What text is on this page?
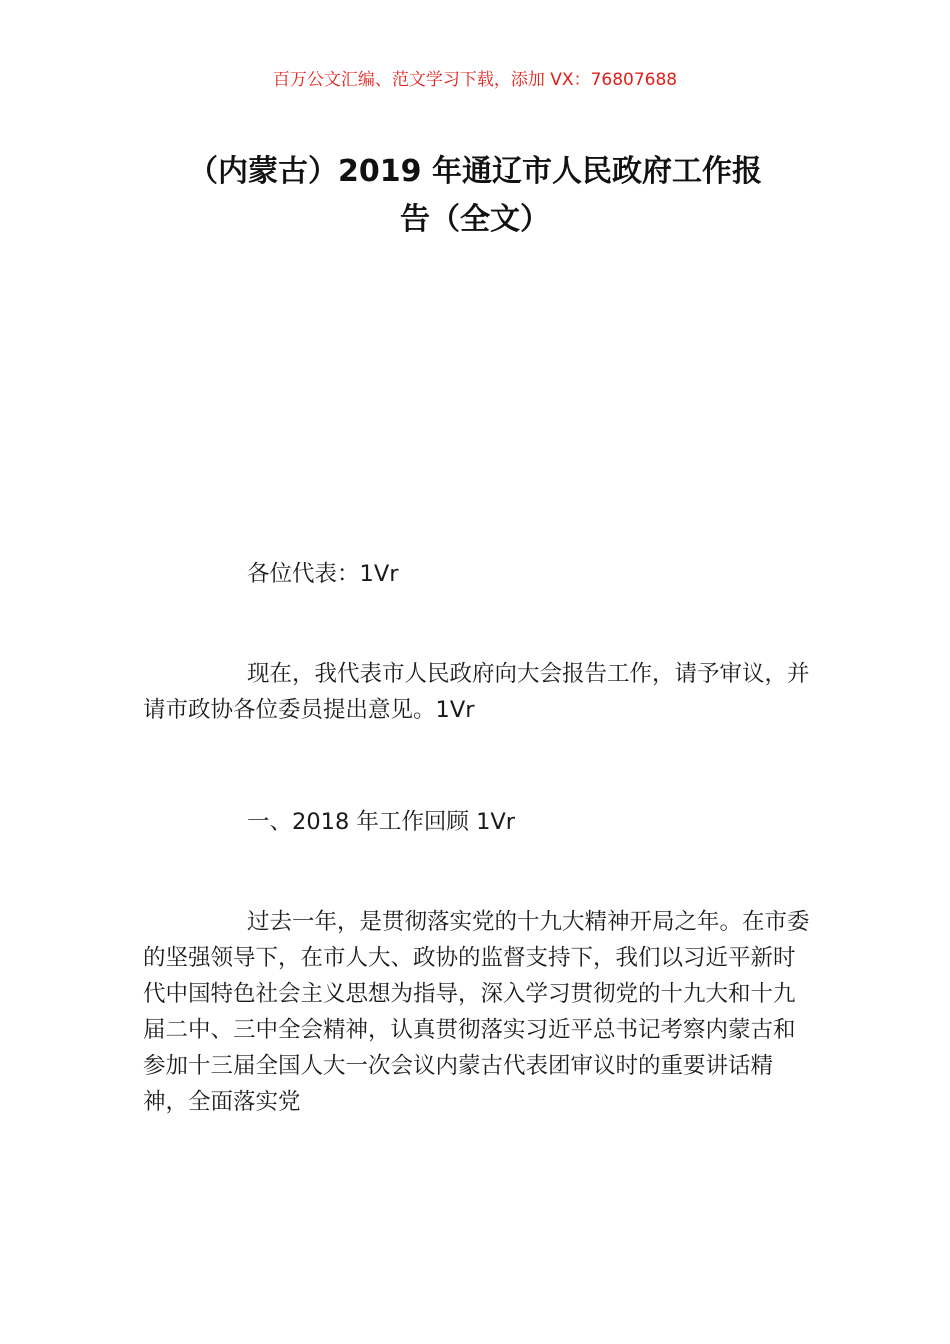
百万公文汇编、范文学习下载，添加 VX：76807688
（内蒙古）2019 年通辽市人民政府工作报
告（全文）

各位代表：1Vr

现在，我代表市人民政府向大会报告工作，请予审议，并请市政协各位委员提出意见。1Vr

一、2018 年工作回顾 1Vr

过去一年，是贯彻落实党的十九大精神开局之年。在市委的坚强领导下，在市人大、政协的监督支持下，我们以习近平新时代中国特色社会主义思想为指导，深入学习贯彻党的十九大和十九届二中、三中全会精神，认真贯彻落实习近平总书记考察内蒙古和参加十三届全国人大一次会议内蒙古代表团审议时的重要讲话精神，全面落实党
